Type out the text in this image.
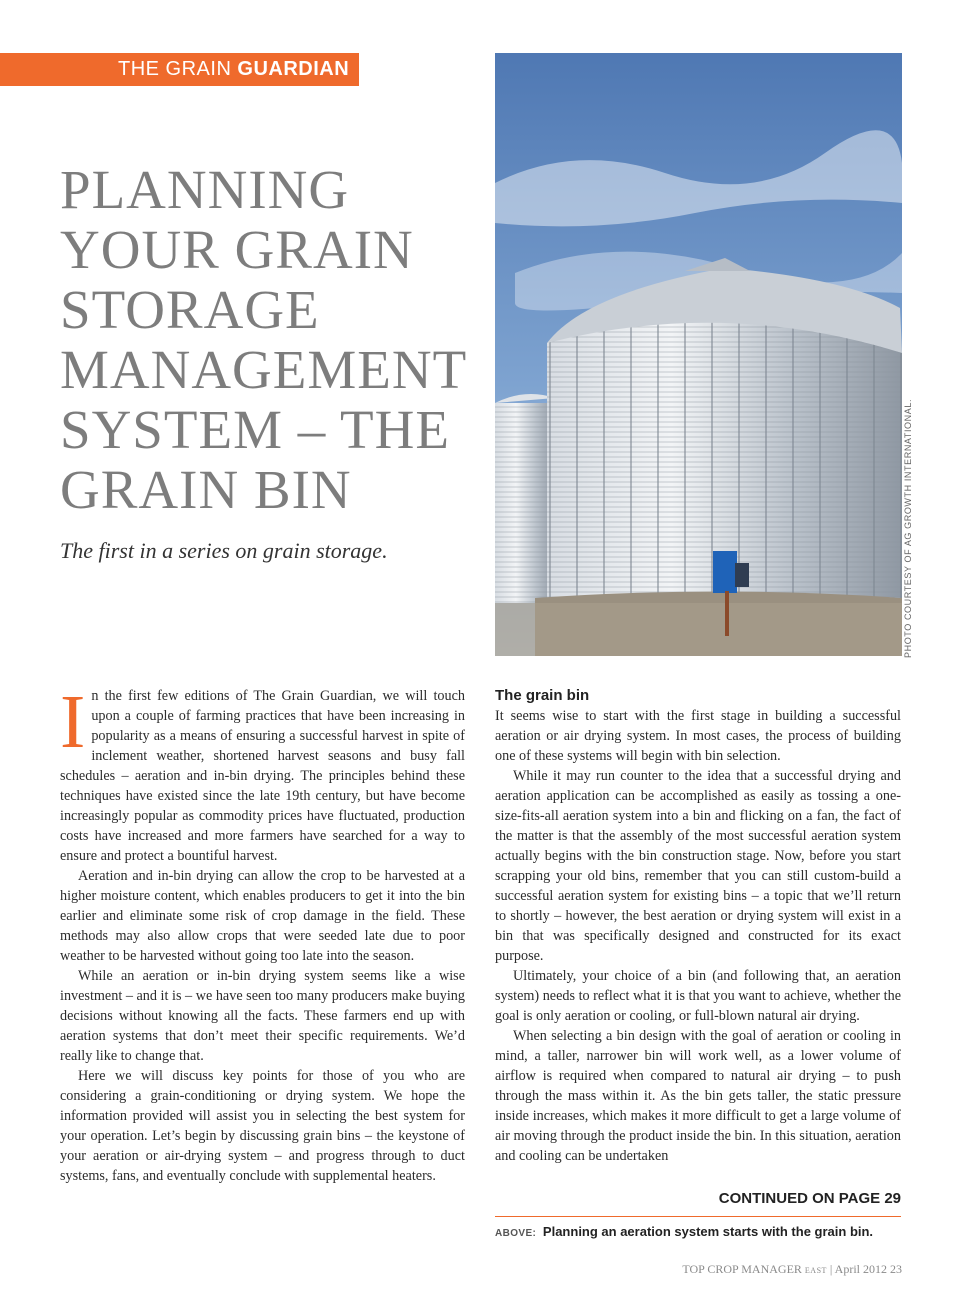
THE GRAIN GUARDIAN
PLANNING YOUR GRAIN STORAGE MANAGEMENT SYSTEM – THE GRAIN BIN
The first in a series on grain storage.	PHOTO COURTESY OF AG GROWTH INTERNATIONAL.

In the first few editions of The Grain Guardian, we will touch upon a couple of farming practices that have been increasing in popularity as a means of ensuring a successful harvest in spite of inclement weather, shortened harvest seasons and busy fall schedules – aeration and in-bin drying. The principles behind these techniques have existed since the late 19th century, but have become increasingly popular as commodity prices have fluctuated, production costs have increased and more farmers have searched for a way to ensure and protect a bountiful harvest.

Aeration and in-bin drying can allow the crop to be harvested at a higher moisture content, which enables producers to get it into the bin earlier and eliminate some risk of crop damage in the field. These methods may also allow crops that were seeded late due to poor weather to be harvested without going too late into the season.

While an aeration or in-bin drying system seems like a wise investment – and it is – we have seen too many producers make buying decisions without knowing all the facts. These farmers end up with aeration systems that don’t meet their specific requirements. We’d really like to change that.

Here we will discuss key points for those of you who are considering a grain-conditioning or drying system. We hope the information provided will assist you in selecting the best system for your operation. Let’s begin by discussing grain bins – the keystone of your aeration or air-drying system – and progress through to duct systems, fans, and eventually conclude with supplemental heaters.

The grain bin

It seems wise to start with the first stage in building a successful aeration or air drying system. In most cases, the process of building one of these systems will begin with bin selection.

While it may run counter to the idea that a successful drying and aeration application can be accomplished as easily as tossing a one-size-fits-all aeration system into a bin and flicking on a fan, the fact of the matter is that the assembly of the most successful aeration system actually begins with the bin construction stage. Now, before you start scrapping your old bins, remember that you can still custom-build a successful aeration system for existing bins – a topic that we’ll return to shortly – however, the best aeration or drying system will exist in a bin that was specifically designed and constructed for its exact purpose.

Ultimately, your choice of a bin (and following that, an aeration system) needs to reflect what it is that you want to achieve, whether the goal is only aeration or cooling, or full-blown natural air drying.

When selecting a bin design with the goal of aeration or cooling in mind, a taller, narrower bin will work well, as a lower volume of airflow is required when compared to natural air drying – to push through the mass within it. As the bin gets taller, the static pressure inside increases, which makes it more difficult to get a large volume of air moving through the product inside the bin. In this situation, aeration and cooling can be undertaken

CONTINUED ON PAGE 29
ABOVE: Planning an aeration system starts with the grain bin.
TOP CROP MANAGER EAST | April 2012 23
